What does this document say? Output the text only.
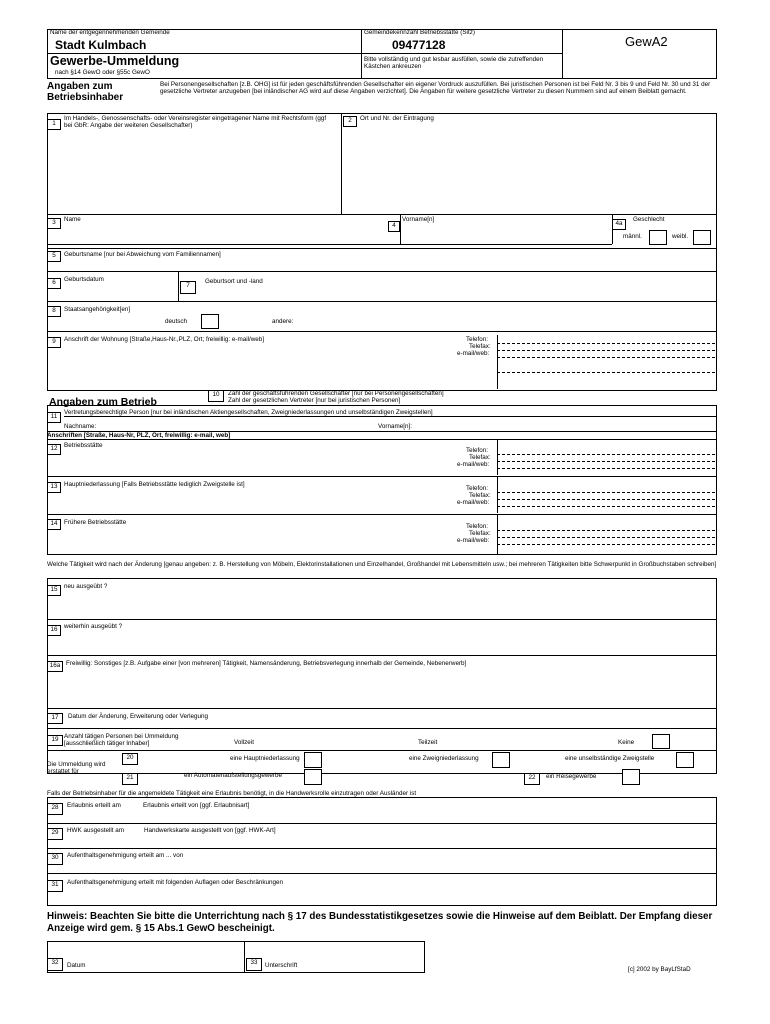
Name der entgegennehmenden Gemeinde
Stadt Kulmbach
Gemeindekennzahl Betriebsstätte (Sitz)
09477128	GewA2
Gewerbe-Ummeldung	Bitte vollständig und gut lesbar ausfüllen, sowie die zutreffenden Kästchen ankreuzen
nach §14 GewO oder §55c GewO
Angaben zum Betriebsinhaber
Bei Personengesellschaften [z.B. OHG] ist für jeden geschäftsführenden Gesellschafter ein eigener Vordruck auszufüllen. Bei juristischen Personen ist bei Feld Nr. 3 bis 9 und Feld Nr. 30 und 31 der gesetzliche Vertreter anzugeben [bei inländischer AG wird auf diese Angaben verzichtet]. Die Angaben für weitere gesetzliche Vertreter zu diesen Nummern sind auf einem Beiblatt gemacht.
1
Im Handels-, Genossenschafts- oder Vereinsregister eingetragener Name mit Rechtsform (ggf bei GbR: Angabe der weiteren Gesellschafter)
2	Ort und Nr. der Eintragung
3	Name
4
Vorname[n]
4a
Geschlecht
männl.	weibl.
5	Geburtsname [nur bei Abweichung vom Familiennamen]
6	Geburtsdatum
7
Geburtsort und -land
8	Staatsangehörigkeit[en]
deutsch	andere:
9	Anschrift der Wohnung [Straße,Haus-Nr.,PLZ, Ort; freiwillig: e-mail/web]	Telefon:
Telefax:
e-mail/web:
Angaben zum Betrieb
10	Zahl der geschäftsführenden Gesellschafter [nur bei Personengesellschaften]
Zahl der gesetzlichen Vertreter [nur bei juristischen Personen]
11
Vertretungsberechtigte Person [nur bei inländischen Aktiengesellschaften, Zweigniederlassungen und unselbständigen Zweigstellen]
Nachname:	Vorname[n]:
Anschriften [Straße, Haus-Nr, PLZ, Ort, freiwillig: e-mail, web]
12	Betriebsstätte
Telefon:
Telefax:
e-mail/web:
13	Hauptniederlassung [Falls Betriebsstätte lediglich Zweigstelle ist]
Telefon:
Telefax:
e-mail/web:
14	Frühere Betriebsstätte
Telefon:
Telefax:
e-mail/web:
Welche Tätigkeit wird nach der Änderung [genau angeben: z. B. Herstellung von Möbeln, Elektorinstallationen und Einzelhandel, Großhandel mit Lebensmitteln usw.; bei mehreren Tätigkeiten bitte Schwerpunkt in Großbuchstaben schreiben]
15	neu ausgeübt ?
16	weiterhin ausgeübt ?
16a Freiwillig: Sonstiges [z.B. Aufgabe einer [von mehreren] Tätigkeit, Namensänderung, Betriebsverlegung innerhalb der Gemeinde, Nebenerwerb]
17	Datum der Änderung, Erweiterung oder Verlegung
19 Anzahl tätigen Personen bei Ummeldung [ausschließlich tätiger Inhaber]	Vollzeit	Teilzeit	Keine
Die Ummeldung wird erstattet für
20	eine Hauptniederlassung
21	ein Automatenaufstellungsgewerbe
eine Zweigniederlassung	eine unselbständige Zweigstelle
22	ein Reisegewerbe
Falls der Betriebsinhaber für die angemeldete Tätigkeit eine Erlaubnis benötigt, in die Handwerksrolle einzutragen oder Ausländer ist
28	Erlaubnis erteilt am	Erlaubnis erteilt von [ggf. Erlaubnisart]
29	HWK ausgestellt am	Handwerkskarte ausgestellt von [ggf. HWK-Art]
30	Aufenthaltsgenehmigung erteilt am ... von
31	Aufenthaltsgenehmigung erteilt mit folgenden Auflagen oder Beschränkungen
Hinweis: Beachten Sie bitte die Unterrichtung nach § 17 des Bundesstatistikgesetzes sowie die Hinweise auf dem Beiblatt. Der Empfang dieser Anzeige wird gem. § 15 Abs.1 GewO bescheinigt.
32	Datum	33	Unterschrift
[c] 2002 by BayLfStaD
